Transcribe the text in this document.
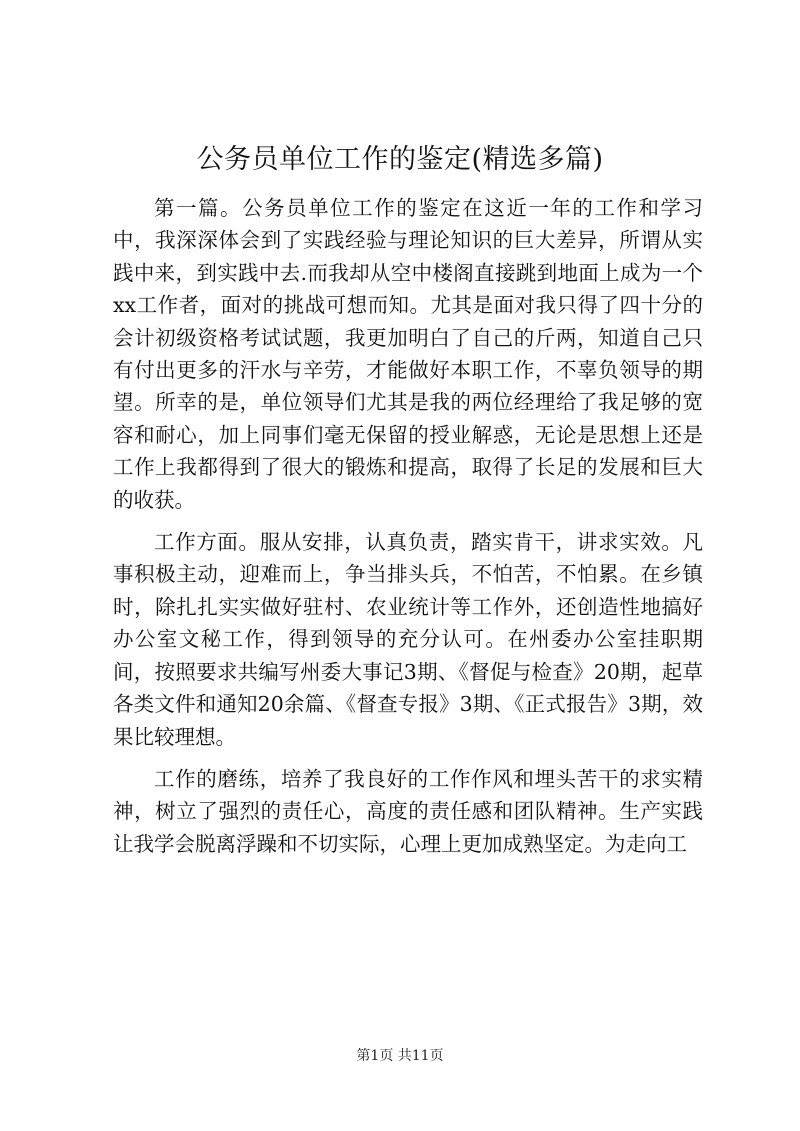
公务员单位工作的鉴定(精选多篇)

第一篇。公务员单位工作的鉴定在这近一年的工作和学习中，我深深体会到了实践经验与理论知识的巨大差异，所谓从实践中来，到实践中去.而我却从空中楼阁直接跳到地面上成为一个xx工作者，面对的挑战可想而知。尤其是面对我只得了四十分的会计初级资格考试试题，我更加明白了自己的斤两，知道自己只有付出更多的汗水与辛劳，才能做好本职工作，不辜负领导的期望。所幸的是，单位领导们尤其是我的两位经理给了我足够的宽容和耐心，加上同事们毫无保留的授业解惑，无论是思想上还是工作上我都得到了很大的锻炼和提高，取得了长足的发展和巨大的收获。

工作方面。服从安排，认真负责，踏实肯干，讲求实效。凡事积极主动，迎难而上，争当排头兵，不怕苦，不怕累。在乡镇时，除扎扎实实做好驻村、农业统计等工作外，还创造性地搞好办公室文秘工作，得到领导的充分认可。在州委办公室挂职期间，按照要求共编写州委大事记3期、《督促与检查》20期，起草各类文件和通知20余篇、《督查专报》3期、《正式报告》3期，效果比较理想。

工作的磨练，培养了我良好的工作作风和埋头苦干的求实精神，树立了强烈的责任心，高度的责任感和团队精神。生产实践让我学会脱离浮躁和不切实际，心理上更加成熟坚定。为走向工

第1页 共11页
